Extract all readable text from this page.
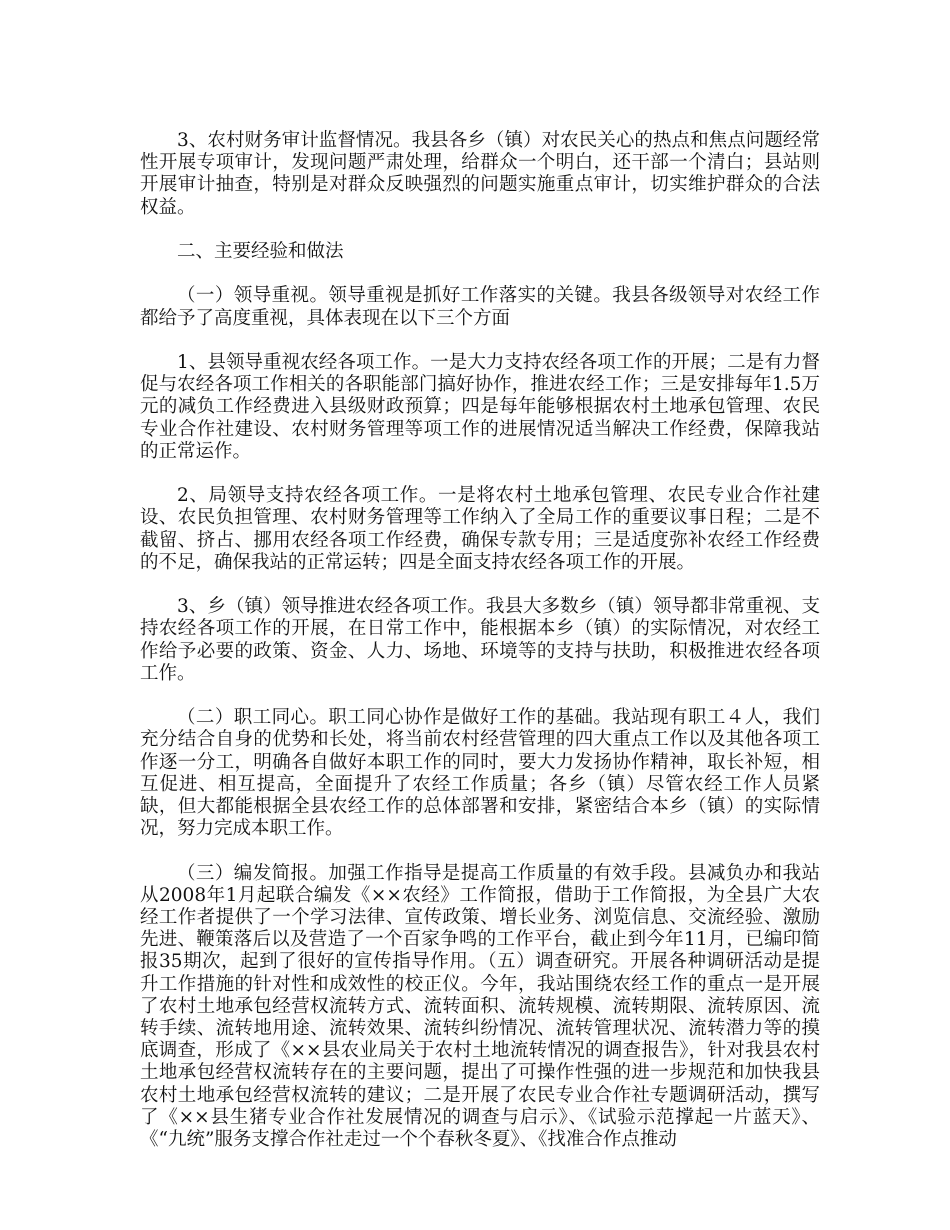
3、农村财务审计监督情况。我县各乡（镇）对农民关心的热点和焦点问题经常性开展专项审计，发现问题严肃处理，给群众一个明白，还干部一个清白；县站则开展审计抽查，特别是对群众反映强烈的问题实施重点审计，切实维护群众的合法权益。

二、主要经验和做法

（一）领导重视。领导重视是抓好工作落实的关键。我县各级领导对农经工作都给予了高度重视，具体表现在以下三个方面

1、县领导重视农经各项工作。一是大力支持农经各项工作的开展；二是有力督促与农经各项工作相关的各职能部门搞好协作，推进农经工作；三是安排每年1.5万元的减负工作经费进入县级财政预算；四是每年能够根据农村土地承包管理、农民专业合作社建设、农村财务管理等项工作的进展情况适当解决工作经费，保障我站的正常运作。

2、局领导支持农经各项工作。一是将农村土地承包管理、农民专业合作社建设、农民负担管理、农村财务管理等工作纳入了全局工作的重要议事日程；二是不截留、挤占、挪用农经各项工作经费，确保专款专用；三是适度弥补农经工作经费的不足，确保我站的正常运转；四是全面支持农经各项工作的开展。

3、乡（镇）领导推进农经各项工作。我县大多数乡（镇）领导都非常重视、支持农经各项工作的开展，在日常工作中，能根据本乡（镇）的实际情况，对农经工作给予必要的政策、资金、人力、场地、环境等的支持与扶助，积极推进农经各项工作。

（二）职工同心。职工同心协作是做好工作的基础。我站现有职工４人，我们充分结合自身的优势和长处，将当前农村经营管理的四大重点工作以及其他各项工作逐一分工，明确各自做好本职工作的同时，要大力发扬协作精神，取长补短，相互促进、相互提高，全面提升了农经工作质量；各乡（镇）尽管农经工作人员紧缺，但大都能根据全县农经工作的总体部署和安排，紧密结合本乡（镇）的实际情况，努力完成本职工作。

（三）编发简报。加强工作指导是提高工作质量的有效手段。县减负办和我站从2008年1月起联合编发《××农经》工作简报，借助于工作简报，为全县广大农经工作者提供了一个学习法律、宣传政策、增长业务、浏览信息、交流经验、激励先进、鞭策落后以及营造了一个百家争鸣的工作平台，截止到今年11月，已编印简报35期次，起到了很好的宣传指导作用。（五）调查研究。开展各种调研活动是提升工作措施的针对性和成效性的校正仪。今年，我站围绕农经工作的重点一是开展了农村土地承包经营权流转方式、流转面积、流转规模、流转期限、流转原因、流转手续、流转地用途、流转效果、流转纠纷情况、流转管理状况、流转潜力等的摸底调查，形成了《××县农业局关于农村土地流转情况的调查报告》，针对我县农村土地承包经营权流转存在的主要问题，提出了可操作性强的进一步规范和加快我县农村土地承包经营权流转的建议；二是开展了农民专业合作社专题调研活动，撰写了《××县生猪专业合作社发展情况的调查与启示》、《试验示范撑起一片蓝天》、《“九统”服务支撑合作社走过一个个春秋冬夏》、《找准合作点推动
